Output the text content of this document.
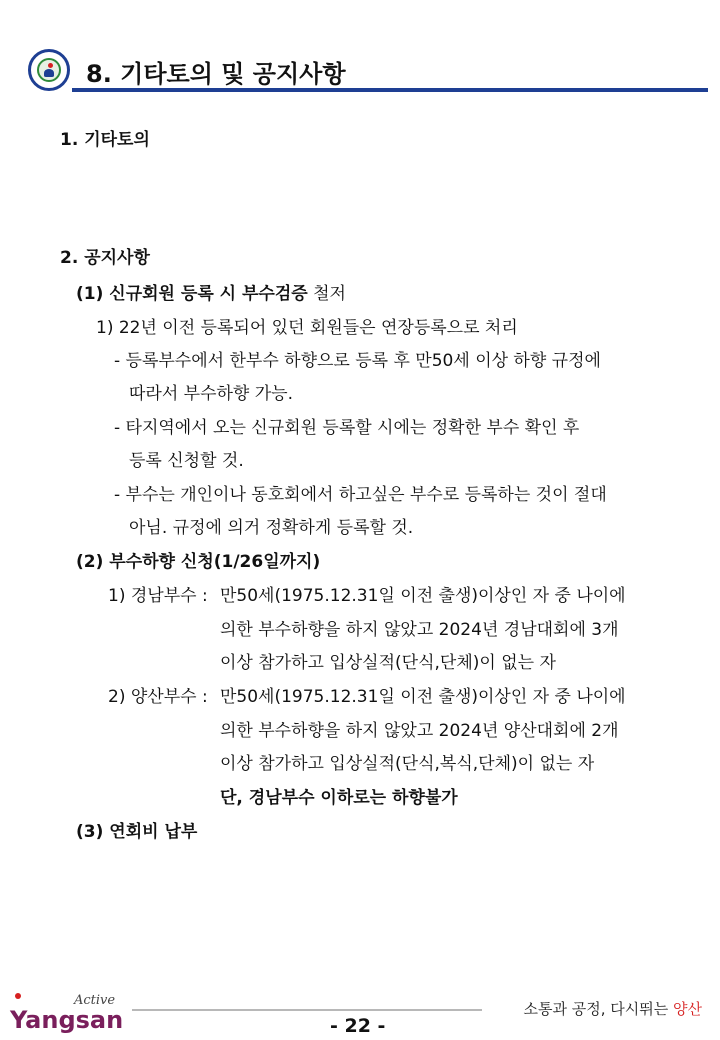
8. 기타토의 및 공지사항
1. 기타토의
2. 공지사항
(1) 신규회원 등록 시 부수검증 철저
1) 22년 이전 등록되어 있던 회원들은 연장등록으로 처리
- 등록부수에서 한부수 하향으로 등록 후 만50세 이상 하향 규정에
따라서 부수하향 가능.
- 타지역에서 오는 신규회원 등록할 시에는 정확한 부수 확인 후
등록 신청할 것.
- 부수는 개인이나 동호회에서 하고싶은 부수로 등록하는 것이 절대
아님. 규정에 의거 정확하게 등록할 것.
(2) 부수하향 신청(1/26일까지)
1) 경남부수 : 만50세(1975.12.31일 이전 출생)이상인 자 중 나이에
의한 부수하향을 하지 않았고 2024년 경남대회에 3개
이상 참가하고 입상실적(단식,단체)이 없는 자
2) 양산부수 : 만50세(1975.12.31일 이전 출생)이상인 자 중 나이에
의한 부수하향을 하지 않았고 2024년 양산대회에 2개
이상 참가하고 입상실적(단식,복식,단체)이 없는 자
단, 경남부수 이하로는 하향불가
(3) 연회비 납부
Active
Yangsan	소통과 공정, 다시뛰는 양산
- 22 -
